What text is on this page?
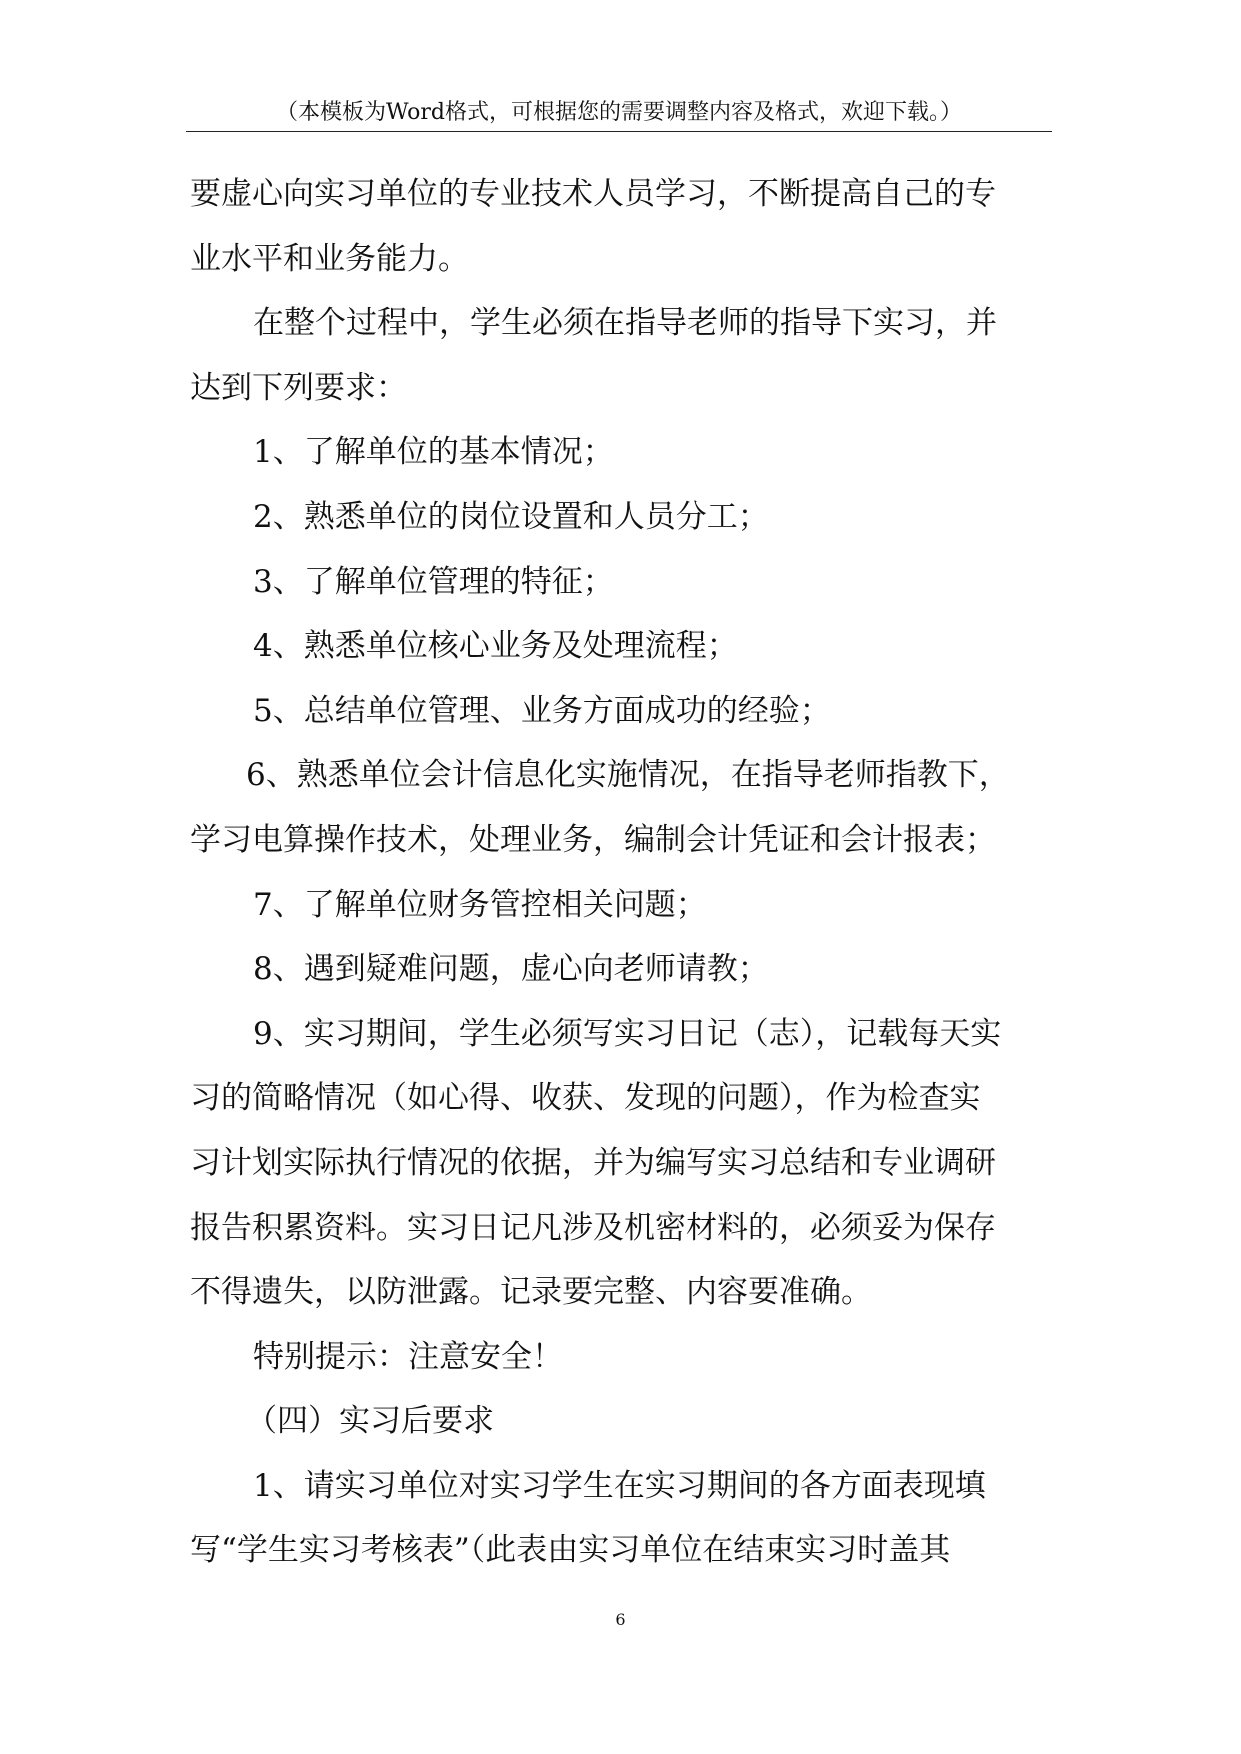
（本模板为Word格式，可根据您的需要调整内容及格式，欢迎下载。）
要虚心向实习单位的专业技术人员学习，不断提高自己的专
业水平和业务能力。
在整个过程中，学生必须在指导老师的指导下实习，并
达到下列要求：
1、了解单位的基本情况；
2、熟悉单位的岗位设置和人员分工；
3、了解单位管理的特征；
4、熟悉单位核心业务及处理流程；
5、总结单位管理、业务方面成功的经验；
6、熟悉单位会计信息化实施情况，在指导老师指教下，
学习电算操作技术，处理业务，编制会计凭证和会计报表；
7、了解单位财务管控相关问题；
8、遇到疑难问题，虚心向老师请教；
9、实习期间，学生必须写实习日记（志），记载每天实
习的简略情况（如心得、收获、发现的问题），作为检查实
习计划实际执行情况的依据，并为编写实习总结和专业调研
报告积累资料。实习日记凡涉及机密材料的，必须妥为保存
不得遗失，以防泄露。记录要完整、内容要准确。
特别提示：注意安全！
（四）实习后要求
1、请实习单位对实习学生在实习期间的各方面表现填
写“学生实习考核表”（此表由实习单位在结束实习时盖其
6
